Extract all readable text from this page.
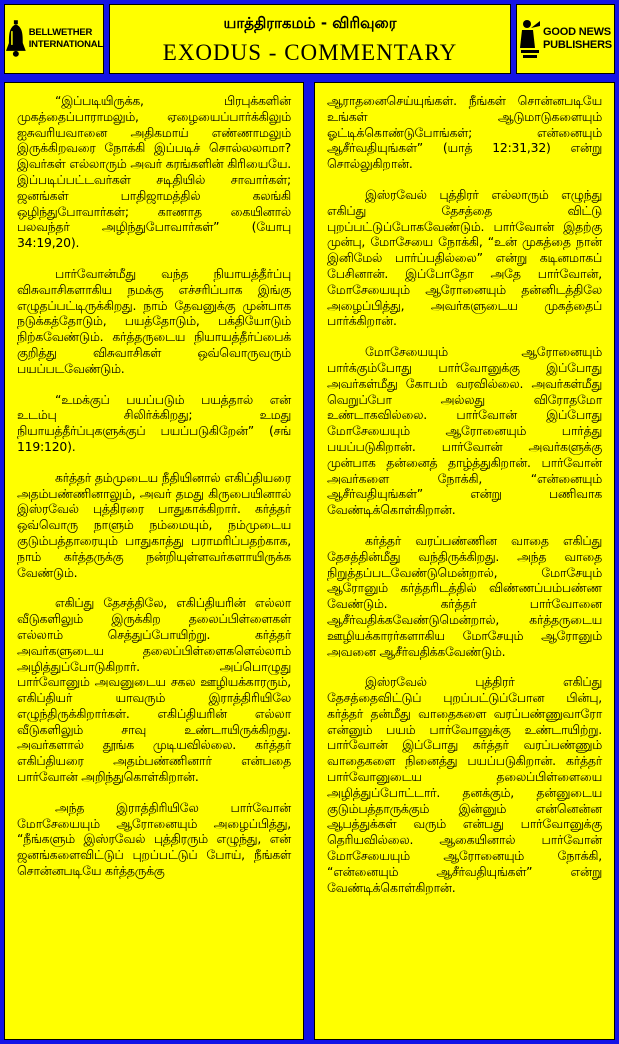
BELLWETHER
INTERNATIONAL
யாத்திராகமம் - விரிவுரை
EXODUS - COMMENTARY
GOOD NEWS
PUBLISHERS

“இப்படியிருக்க, பிரபுக்களின் முகத்தைப்பாராமலும், ஏழையைப்பார்க்கிலும் ஐசுவரியவானை அதிகமாய் எண்ணாமலும் இருக்கிறவரை நோக்கி இப்படிச் சொல்லலாமா? இவர்கள் எல்லாரும் அவர் கரங்களின் கிரியையே. இப்படிப்பட்டவர்கள் சடிதியில் சாவார்கள்; ஜனங்கள் பாதிஜாமத்தில் கலங்கி ஒழிந்துபோவார்கள்; காணாத கையினால் பலவந்தர் அழிந்துபோவார்கள்” (யோபு 34:19,20).

பார்வோன்மீது வந்த நியாயத்தீர்ப்பு விசுவாசிகளாகிய நமக்கு எச்சரிப்பாக இங்கு எழுதப்பட்டிருக்கிறது. நாம் தேவனுக்கு முன்பாக நடுக்கத்தோடும், பயத்தோடும், பக்தியோடும் நிற்கவேண்டும். கர்த்தருடைய நியாயத்தீர்ப்பைக் குறித்து விசுவாசிகள் ஒவ்வொருவரும் பயப்படவேண்டும்.

“உமக்குப் பயப்படும் பயத்தால் என் உடம்பு சிலிர்க்கிறது; உமது நியாயத்தீர்ப்புகளுக்குப் பயப்படுகிறேன்” (சங் 119:120).

கர்த்தர் தம்முடைய நீதியினால் எகிப்தியரை அதம்பண்ணினாலும், அவர் தமது கிருபையினால் இஸ்ரவேல் புத்திரரை பாதுகாக்கிறார். கர்த்தர் ஒவ்வொரு நாளும் நம்மையும், நம்முடைய குடும்பத்தாரையும் பாதுகாத்து பராமரிப்பதற்காக, நாம் கர்த்தருக்கு நன்றியுள்ளவர்களாயிருக்க வேண்டும்.

எகிப்து தேசத்திலே, எகிப்தியரின் எல்லா வீடுகளிலும் இருக்கிற தலைப்பிள்ளைகள் எல்லாம் செத்துப்போயிற்று. கர்த்தர் அவர்களுடைய தலைப்பிள்ளைகளெல்லாம் அழித்துப்போடுகிறார். அப்பொழுது பார்வோனும் அவனுடைய சகல ஊழியக்காரரும், எகிப்தியர் யாவரும் இராத்திரியிலே எழுந்திருக்கிறார்கள். எகிப்தியரின் எல்லா வீடுகளிலும் சாவு உண்டாயிருக்கிறது. அவர்களால் தூங்க முடியவில்லை. கர்த்தர் எகிப்தியரை அதம்பண்ணினார் என்பதை பார்வோன் அறிந்துகொள்கிறான்.

அந்த இராத்திரியிலே பார்வோன் மோசேயையும் ஆரோனையும் அழைப்பித்து, “நீங்களும் இஸ்ரவேல் புத்திரரும் எழுந்து, என் ஜனங்களைவிட்டுப் புறப்பட்டுப் போய், நீங்கள் சொன்னபடியே கர்த்தருக்கு

ஆராதனைசெய்யுங்கள். நீங்கள் சொன்னபடியே உங்கள் ஆடுமாடுகளையும் ஓட்டிக்கொண்டுபோங்கள்; என்னையும் ஆசீர்வதியுங்கள்” (யாத் 12:31,32) என்று சொல்லுகிறான்.

இஸ்ரவேல் புத்திரர் எல்லாரும் எழுந்து எகிப்து தேசத்தை விட்டு புறப்பட்டுப்போகவேண்டும். பார்வோன் இதற்கு முன்பு, மோசேயை நோக்கி, “உன் முகத்தை நான் இனிமேல் பார்ப்பதில்லை” என்று கடினமாகப் பேசினான். இப்போதோ அதே பார்வோன், மோசேயையும் ஆரோனையும் தன்னிடத்திலே அழைப்பித்து, அவர்களுடைய முகத்தைப் பார்க்கிறான்.

மோசேயையும் ஆரோனையும் பார்க்கும்போது பார்வோனுக்கு இப்போது அவர்கள்மீது கோபம் வரவில்லை. அவர்கள்மீது வெறுப்போ அல்லது விரோதமோ உண்டாகவில்லை. பார்வோன் இப்போது மோசேயையும் ஆரோனையும் பார்த்து பயப்படுகிறான். பார்வோன் அவர்களுக்கு முன்பாக தன்னைத் தாழ்த்துகிறான். பார்வோன் அவர்களை நோக்கி, “என்னையும் ஆசீர்வதியுங்கள்” என்று பணிவாக வேண்டிக்கொள்கிறான்.

கர்த்தர் வரப்பண்ணின வாதை எகிப்து தேசத்தின்மீது வந்திருக்கிறது. அந்த வாதை நிறுத்தப்படவேண்டுமென்றால், மோசேயும் ஆரோனும் கர்த்தரிடத்தில் விண்ணப்பம்பண்ண வேண்டும். கர்த்தர் பார்வோனை ஆசீர்வதிக்கவேண்டுமென்றால், கர்த்தருடைய ஊழியக்காரர்களாகிய மோசேயும் ஆரோனும் அவனை ஆசீர்வதிக்கவேண்டும்.

இஸ்ரவேல் புத்திரர் எகிப்து தேசத்தைவிட்டுப் புறப்பட்டுப்போன பின்பு, கர்த்தர் தன்மீது வாதைகளை வரப்பண்ணுவாரோ என்னும் பயம் பார்வோனுக்கு உண்டாயிற்று. பார்வோன் இப்போது கர்த்தர் வரப்பண்ணும் வாதைகளை நினைத்து பயப்படுகிறான். கர்த்தர் பார்வோனுடைய தலைப்பிள்ளையை அழித்துப்போட்டார். தனக்கும், தன்னுடைய குடும்பத்தாருக்கும் இன்னும் என்னென்ன ஆபத்துக்கள் வரும் என்பது பார்வோனுக்கு தெரியவில்லை. ஆகையினால் பார்வோன் மோசேயையும் ஆரோனையும் நோக்கி, “என்னையும் ஆசீர்வதியுங்கள்” என்று வேண்டிக்கொள்கிறான்.
